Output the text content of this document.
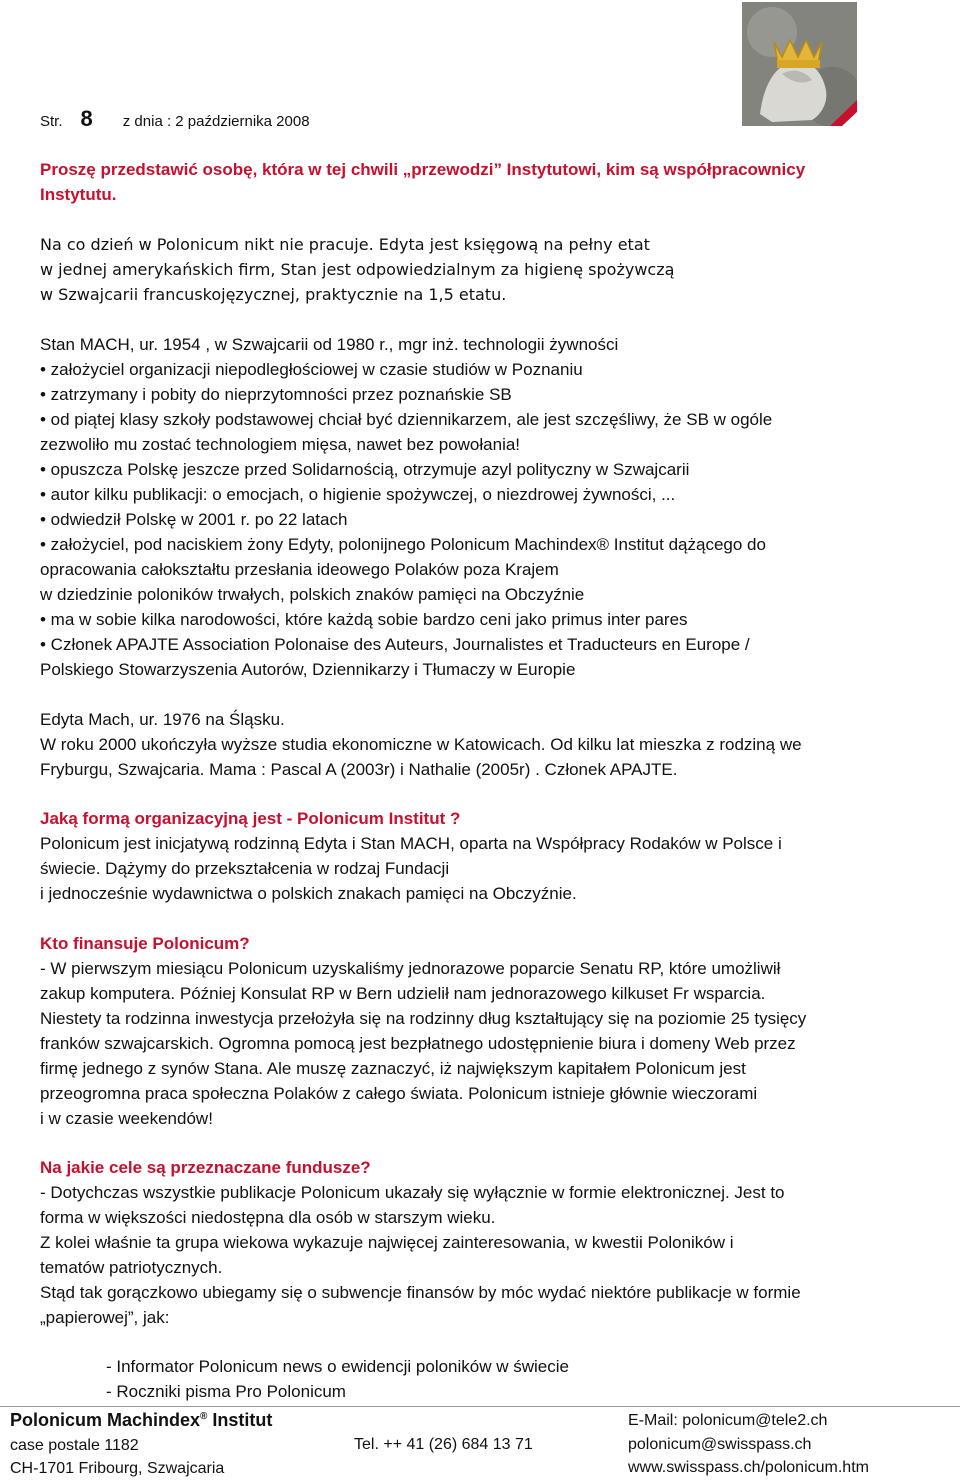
Str. 8 z dnia : 2 października 2008
Proszę przedstawić osobę, która w tej chwili „przewodzi” Instytutowi, kim są współpracownicy
Instytutu.
Na co dzień w Polonicum nikt nie pracuje. Edyta jest księgową na pełny etat
w jednej amerykańskich firm, Stan jest odpowiedzialnym za higienę spożywczą
w Szwajcarii francuskojęzycznej, praktycznie na 1,5 etatu.
Stan MACH, ur. 1954 , w Szwajcarii od 1980 r., mgr inż. technologii żywności
• założyciel organizacji niepodległościowej w czasie studiów w Poznaniu
• zatrzymany i pobity do nieprzytomności przez poznańskie SB
• od piątej klasy szkoły podstawowej chciał być dziennikarzem, ale jest szczęśliwy, że SB w ogóle
zezwoliło mu zostać technologiem mięsa, nawet bez powołania!
• opuszcza Polskę jeszcze przed Solidarnością, otrzymuje azyl polityczny w Szwajcarii
• autor kilku publikacji: o emocjach, o higienie spożywczej, o niezdrowej żywności, ...
• odwiedził Polskę w 2001 r. po 22 latach
• założyciel, pod naciskiem żony Edyty, polonijnego Polonicum Machindex® Institut dążącego do
opracowania całokształtu przesłania ideowego Polaków poza Krajem
w dziedzinie poloników trwałych, polskich znaków pamięci na Obczyźnie
• ma w sobie kilka narodowości, które każdą sobie bardzo ceni jako primus inter pares
• Członek APAJTE Association Polonaise des Auteurs, Journalistes et Traducteurs en Europe /
Polskiego Stowarzyszenia Autorów, Dziennikarzy i Tłumaczy w Europie
Edyta Mach, ur. 1976 na Śląsku.
W roku 2000 ukończyła wyższe studia ekonomiczne w Katowicach. Od kilku lat mieszka z rodziną we
Fryburgu, Szwajcaria. Mama : Pascal A (2003r) i Nathalie (2005r) . Członek APAJTE.
Jaką formą organizacyjną jest - Polonicum Institut ?
Polonicum jest inicjatywą rodzinną Edyta i Stan MACH, oparta na Współpracy Rodaków w Polsce i
świecie. Dążymy do przekształcenia w rodzaj Fundacji
i jednocześnie wydawnictwa o polskich znakach pamięci na Obczyźnie.
Kto finansuje Polonicum?
- W pierwszym miesiącu Polonicum uzyskaliśmy jednorazowe poparcie Senatu RP, które umożliwił
zakup komputera. Później Konsulat RP w Bern udzielił nam jednorazowego kilkuset Fr wsparcia.
Niestety ta rodzinna inwestycja przełożyła się na rodzinny dług kształtujący się na poziomie 25 tysięcy
franków szwajcarskich. Ogromna pomocą jest bezpłatnego udostępnienie biura i domeny Web przez
firmę jednego z synów Stana. Ale muszę zaznaczyć, iż największym kapitałem Polonicum jest
przeogromna praca społeczna Polaków z całego świata. Polonicum istnieje głównie wieczorami
i w czasie weekendów!
Na jakie cele są przeznaczane fundusze?
- Dotychczas wszystkie publikacje Polonicum ukazały się wyłącznie w formie elektronicznej. Jest to
forma w większości niedostępna dla osób w starszym wieku.
Z kolei właśnie ta grupa wiekowa wykazuje najwięcej zainteresowania, w kwestii Poloników i
tematów patriotycznych.
Stąd tak gorączkowo ubiegamy się o subwencje finansów by móc wydać niektóre publikacje w formie
„papierowej”, jak:
- Informator Polonicum news o ewidencji poloników w świecie
- Roczniki pisma Pro Polonicum
Polonicum Machindex® Institut
case postale 1182
CH-1701 Fribourg, Szwajcaria
Tel. ++ 41 (26) 684 13 71
E-Mail: polonicum@tele2.ch
polonicum@swisspass.ch
www.swisspass.ch/polonicum.htm
